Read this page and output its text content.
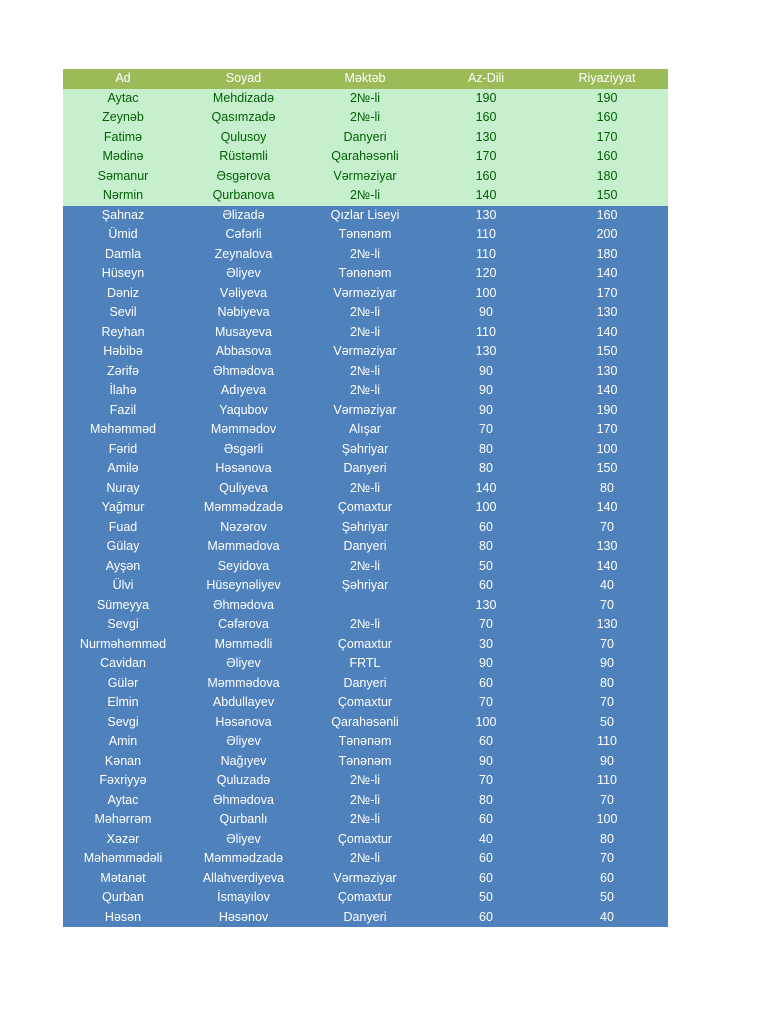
Ad	Soyad	Məktəb	Az-Dili	Riyaziyyat
Aytac	Mehdizadə	2№-li	190	190
Zeynəb	Qasımzadə	2№-li	160	160
Fatimə	Qulusoy	Danyeri	130	170
Mədinə	Rüstəmli	Qarahəsənli	170	160
Səmanur	Əsgərova	Vərməziyar	160	180
Nərmin	Qurbanova	2№-li	140	150
Şahnaz	Əlizadə	Qızlar Liseyi	130	160
Ümid	Cəfərli	Tənənəm	110	200
Damla	Zeynalova	2№-li	110	180
Hüseyn	Əliyev	Tənənəm	120	140
Dəniz	Vəliyeva	Vərməziyar	100	170
Sevil	Nəbiyeva	2№-li	90	130
Reyhan	Musayeva	2№-li	110	140
Həbibə	Abbasova	Vərməziyar	130	150
Zərifə	Əhmədova	2№-li	90	130
İlahə	Adıyeva	2№-li	90	140
Fazil	Yaqubov	Vərməziyar	90	190
Məhəmməd	Məmmədov	Alışar	70	170
Fərid	Əsgərli	Şəhriyar	80	100
Amilə	Həsənova	Danyeri	80	150
Nuray	Quliyeva	2№-li	140	80
Yağmur	Məmmədzadə	Çomaxtur	100	140
Fuad	Nəzərov	Şəhriyar	60	70
Gülay	Məmmədova	Danyeri	80	130
Ayşən	Seyidova	2№-li	50	140
Ülvi	Hüseynəliyev	Şəhriyar	60	40
Sümeyya	Əhmədova		130	70
Sevgi	Cəfərova	2№-li	70	130
Nurməhəmməd	Məmmədli	Çomaxtur	30	70
Cavidan	Əliyev	FRTL	90	90
Gülər	Məmmədova	Danyeri	60	80
Elmin	Abdullayev	Çomaxtur	70	70
Sevgi	Həsənova	Qarahəsənli	100	50
Amin	Əliyev	Tənənəm	60	110
Kənan	Nağıyev	Tənənəm	90	90
Fəxriyyə	Quluzadə	2№-li	70	110
Aytac	Əhmədova	2№-li	80	70
Məhərrəm	Qurbanlı	2№-li	60	100
Xəzər	Əliyev	Çomaxtur	40	80
Məhəmmədəli	Məmmədzadə	2№-li	60	70
Mətanət	Allahverdiyeva	Vərməziyar	60	60
Qurban	İsmayılov	Çomaxtur	50	50
Həsən	Həsənov	Danyeri	60	40
